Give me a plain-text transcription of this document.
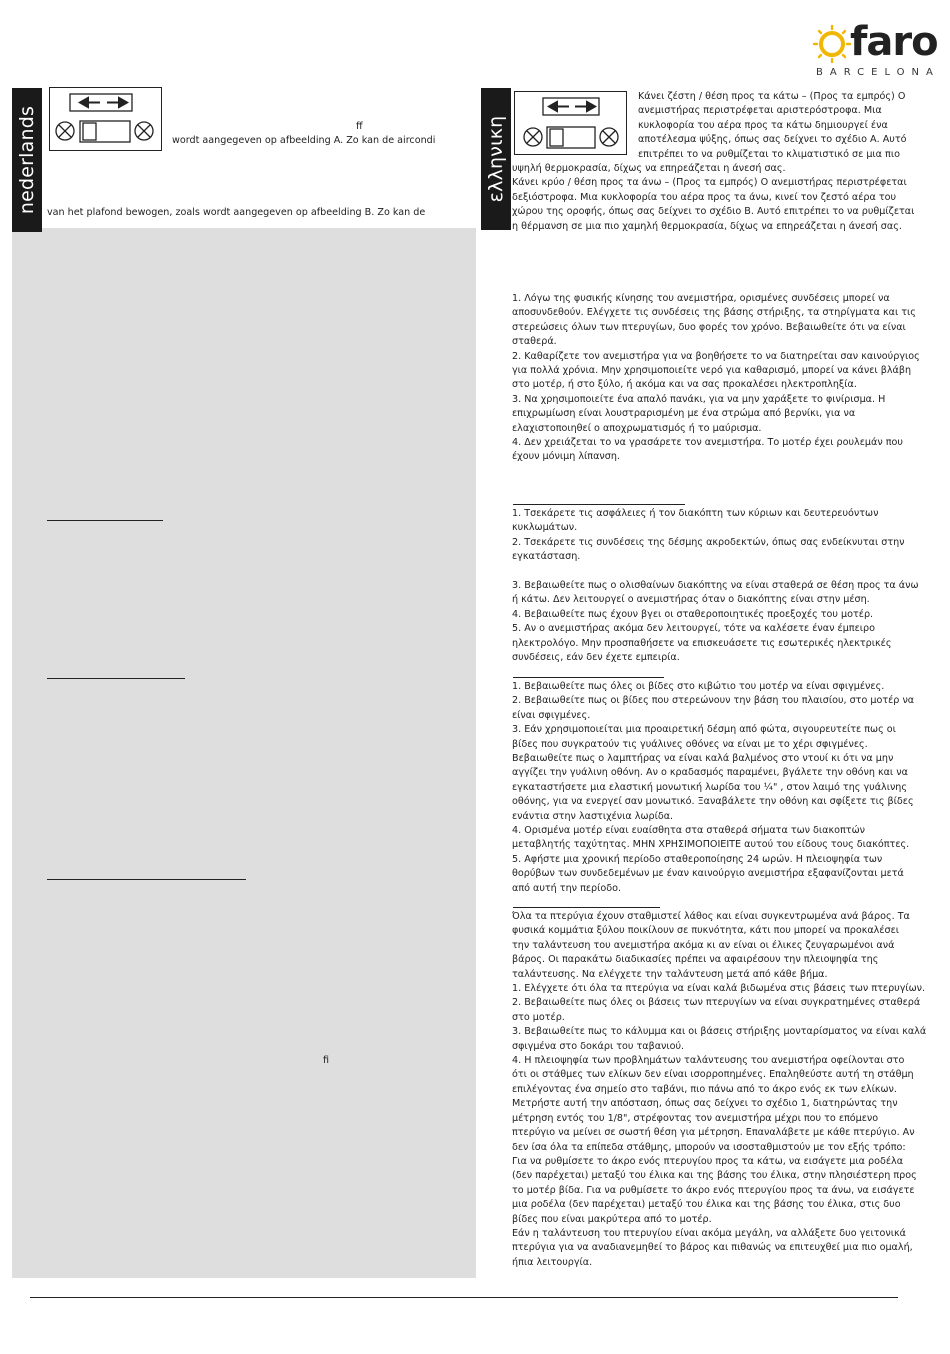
faro
BARCELONA
nederlands	ff
wordt aangegeven op afbeelding A. Zo kan de aircondi
van het plafond bewogen, zoals wordt aangegeven op afbeelding B. Zo kan de
fi
ελληνικη
Κάνει ζέστη / θέση προς τα κάτω – (Προς τα εμπρός) Ο
ανεμιστήρας περιστρέφεται αριστερόστροφα. Μια
κυκλοφορία του αέρα προς τα κάτω δημιουργεί ένα
αποτέλεσμα ψύξης, όπως σας δείχνει το σχέδιο Α. Αυτό
επιτρέπει το να ρυθμίζεται το κλιματιστικό σε μια πιο
υψηλή θερμοκρασία, δίχως να επηρεάζεται η άνεσή σας.
Κάνει κρύο / θέση προς τα άνω – (Προς τα εμπρός) Ο ανεμιστήρας περιστρέφεται
δεξιόστροφα. Μια κυκλοφορία του αέρα προς τα άνω, κινεί τον ζεστό αέρα του
χώρου της οροφής, όπως σας δείχνει το σχέδιο Β. Αυτό επιτρέπει το να ρυθμίζεται
η θέρμανση σε μια πιο χαμηλή θερμοκρασία, δίχως να επηρεάζεται η άνεσή σας.
1. Λόγω της φυσικής κίνησης του ανεμιστήρα, ορισμένες συνδέσεις μπορεί να
αποσυνδεθούν. Ελέγχετε τις συνδέσεις της βάσης στήριξης, τα στηρίγματα και τις
στερεώσεις όλων των πτερυγίων, δυο φορές τον χρόνο. Βεβαιωθείτε ότι να είναι
σταθερά.
2. Καθαρίζετε τον ανεμιστήρα για να βοηθήσετε το να διατηρείται σαν καινούργιος
για πολλά χρόνια. Μην χρησιμοποιείτε νερό για καθαρισμό, μπορεί να κάνει βλάβη
στο μοτέρ, ή στο ξύλο, ή ακόμα και να σας προκαλέσει ηλεκτροπληξία.
3. Να χρησιμοποιείτε ένα απαλό πανάκι, για να μην χαράξετε το φινίρισμα. Η
επιχρωμίωση είναι λουστραρισμένη με ένα στρώμα από βερνίκι, για να
ελαχιστοποιηθεί ο αποχρωματισμός ή το μαύρισμα.
4. Δεν χρειάζεται το να γρασάρετε τον ανεμιστήρα. Το μοτέρ έχει ρουλεμάν που
έχουν μόνιμη λίπανση.
1. Τσεκάρετε τις ασφάλειες ή τον διακόπτη των κύριων και δευτερευόντων
κυκλωμάτων.
2. Τσεκάρετε τις συνδέσεις της δέσμης ακροδεκτών, όπως σας ενδείκνυται στην
εγκατάσταση.
3. Βεβαιωθείτε πως ο ολισθαίνων διακόπτης να είναι σταθερά σε θέση προς τα άνω
ή κάτω. Δεν λειτουργεί ο ανεμιστήρας όταν ο διακόπτης είναι στην μέση.
4. Βεβαιωθείτε πως έχουν βγει οι σταθεροποιητικές προεξοχές του μοτέρ.
5. Αν ο ανεμιστήρας ακόμα δεν λειτουργεί, τότε να καλέσετε έναν έμπειρο
ηλεκτρολόγο. Μην προσπαθήσετε να επισκευάσετε τις εσωτερικές ηλεκτρικές
συνδέσεις, εάν δεν έχετε εμπειρία.
1. Βεβαιωθείτε πως όλες οι βίδες στο κιβώτιο του μοτέρ να είναι σφιγμένες.
2. Βεβαιωθείτε πως οι βίδες που στερεώνουν την βάση του πλαισίου, στο μοτέρ να
είναι σφιγμένες.
3. Εάν χρησιμοποιείται μια προαιρετική δέσμη από φώτα, σιγουρευτείτε πως οι
βίδες που συγκρατούν τις γυάλινες οθόνες να είναι με το χέρι σφιγμένες.
Βεβαιωθείτε πως ο λαμπτήρας να είναι καλά βαλμένος στο ντουί κι ότι να μην
αγγίζει την γυάλινη οθόνη. Αν ο κραδασμός παραμένει, βγάλετε την οθόνη και να
εγκαταστήσετε μια ελαστική μονωτική λωρίδα του ¼" , στον λαιμό της γυάλινης
οθόνης, για να ενεργεί σαν μονωτικό. Ξαναβάλετε την οθόνη και σφίξετε τις βίδες
ενάντια στην λαστιχένια λωρίδα.
4. Ορισμένα μοτέρ είναι ευαίσθητα στα σταθερά σήματα των διακοπτών
μεταβλητής ταχύτητας. ΜΗΝ ΧΡΗΣΙΜΟΠΟΙΕΙΤΕ αυτού του είδους τους διακόπτες.
5. Αφήστε μια χρονική περίοδο σταθεροποίησης 24 ωρών. Η πλειοψηφία των
θορύβων των συνδεδεμένων με έναν καινούργιο ανεμιστήρα εξαφανίζονται μετά
από αυτή την περίοδο.
Όλα τα πτερύγια έχουν σταθμιστεί λάθος και είναι συγκεντρωμένα ανά βάρος. Τα
φυσικά κομμάτια ξύλου ποικίλουν σε πυκνότητα, κάτι που μπορεί να προκαλέσει
την ταλάντευση του ανεμιστήρα ακόμα κι αν είναι οι έλικες ζευγαρωμένοι ανά
βάρος. Οι παρακάτω διαδικασίες πρέπει να αφαιρέσουν την πλειοψηφία της
ταλάντευσης. Να ελέγχετε την ταλάντευση μετά από κάθε βήμα.
1. Ελέγχετε ότι όλα τα πτερύγια να είναι καλά βιδωμένα στις βάσεις των πτερυγίων.
2. Βεβαιωθείτε πως όλες οι βάσεις των πτερυγίων να είναι συγκρατημένες σταθερά
στο μοτέρ.
3. Βεβαιωθείτε πως το κάλυμμα και οι βάσεις στήριξης μονταρίσματος να είναι καλά
σφιγμένα στο δοκάρι του ταβανιού.
4. Η πλειοψηφία των προβλημάτων ταλάντευσης του ανεμιστήρα οφείλονται στο
ότι οι στάθμες των ελίκων δεν είναι ισορροπημένες. Επαληθεύστε αυτή τη στάθμη
επιλέγοντας ένα σημείο στο ταβάνι, πιο πάνω από το άκρο ενός εκ των ελίκων.
Μετρήστε αυτή την απόσταση, όπως σας δείχνει το σχέδιο 1, διατηρώντας την
μέτρηση εντός του 1/8", στρέφοντας τον ανεμιστήρα μέχρι που το επόμενο
πτερύγιο να μείνει σε σωστή θέση για μέτρηση. Επαναλάβετε με κάθε πτερύγιο. Αν
δεν ίσα όλα τα επίπεδα στάθμης, μπορούν να ισοσταθμιστούν με τον εξής τρόπο:
Για να ρυθμίσετε το άκρο ενός πτερυγίου προς τα κάτω, να εισάγετε μια ροδέλα
(δεν παρέχεται) μεταξύ του έλικα και της βάσης του έλικα, στην πλησιέστερη προς
το μοτέρ βίδα. Για να ρυθμίσετε το άκρο ενός πτερυγίου προς τα άνω, να εισάγετε
μια ροδέλα (δεν παρέχεται) μεταξύ του έλικα και της βάσης του έλικα, στις δυο
βίδες που είναι μακρύτερα από το μοτέρ.
Εάν η ταλάντευση του πτερυγίου είναι ακόμα μεγάλη, να αλλάξετε δυο γειτονικά
πτερύγια για να αναδιανεμηθεί το βάρος και πιθανώς να επιτευχθεί μια πιο ομαλή,
ήπια λειτουργία.
